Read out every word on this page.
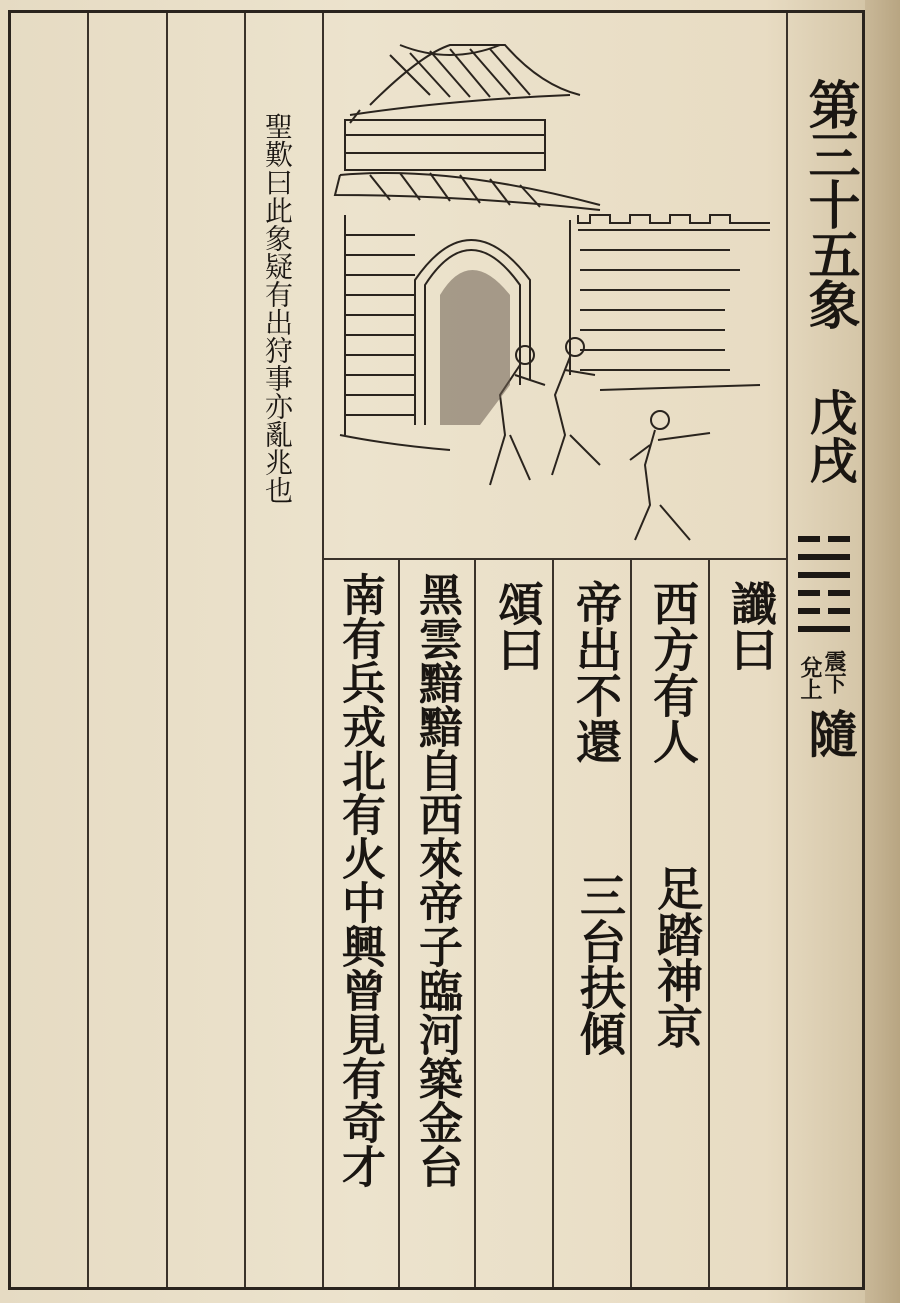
第三十五象
戊戌
震下
兌上
隨
讖曰
西方有人
足踏神京
帝出不還
三台扶傾
頌曰
黑雲黯黯自西來帝子臨河築金台
南有兵戎北有火中興曾見有奇才
聖歎曰此象疑有出狩事亦亂兆也
